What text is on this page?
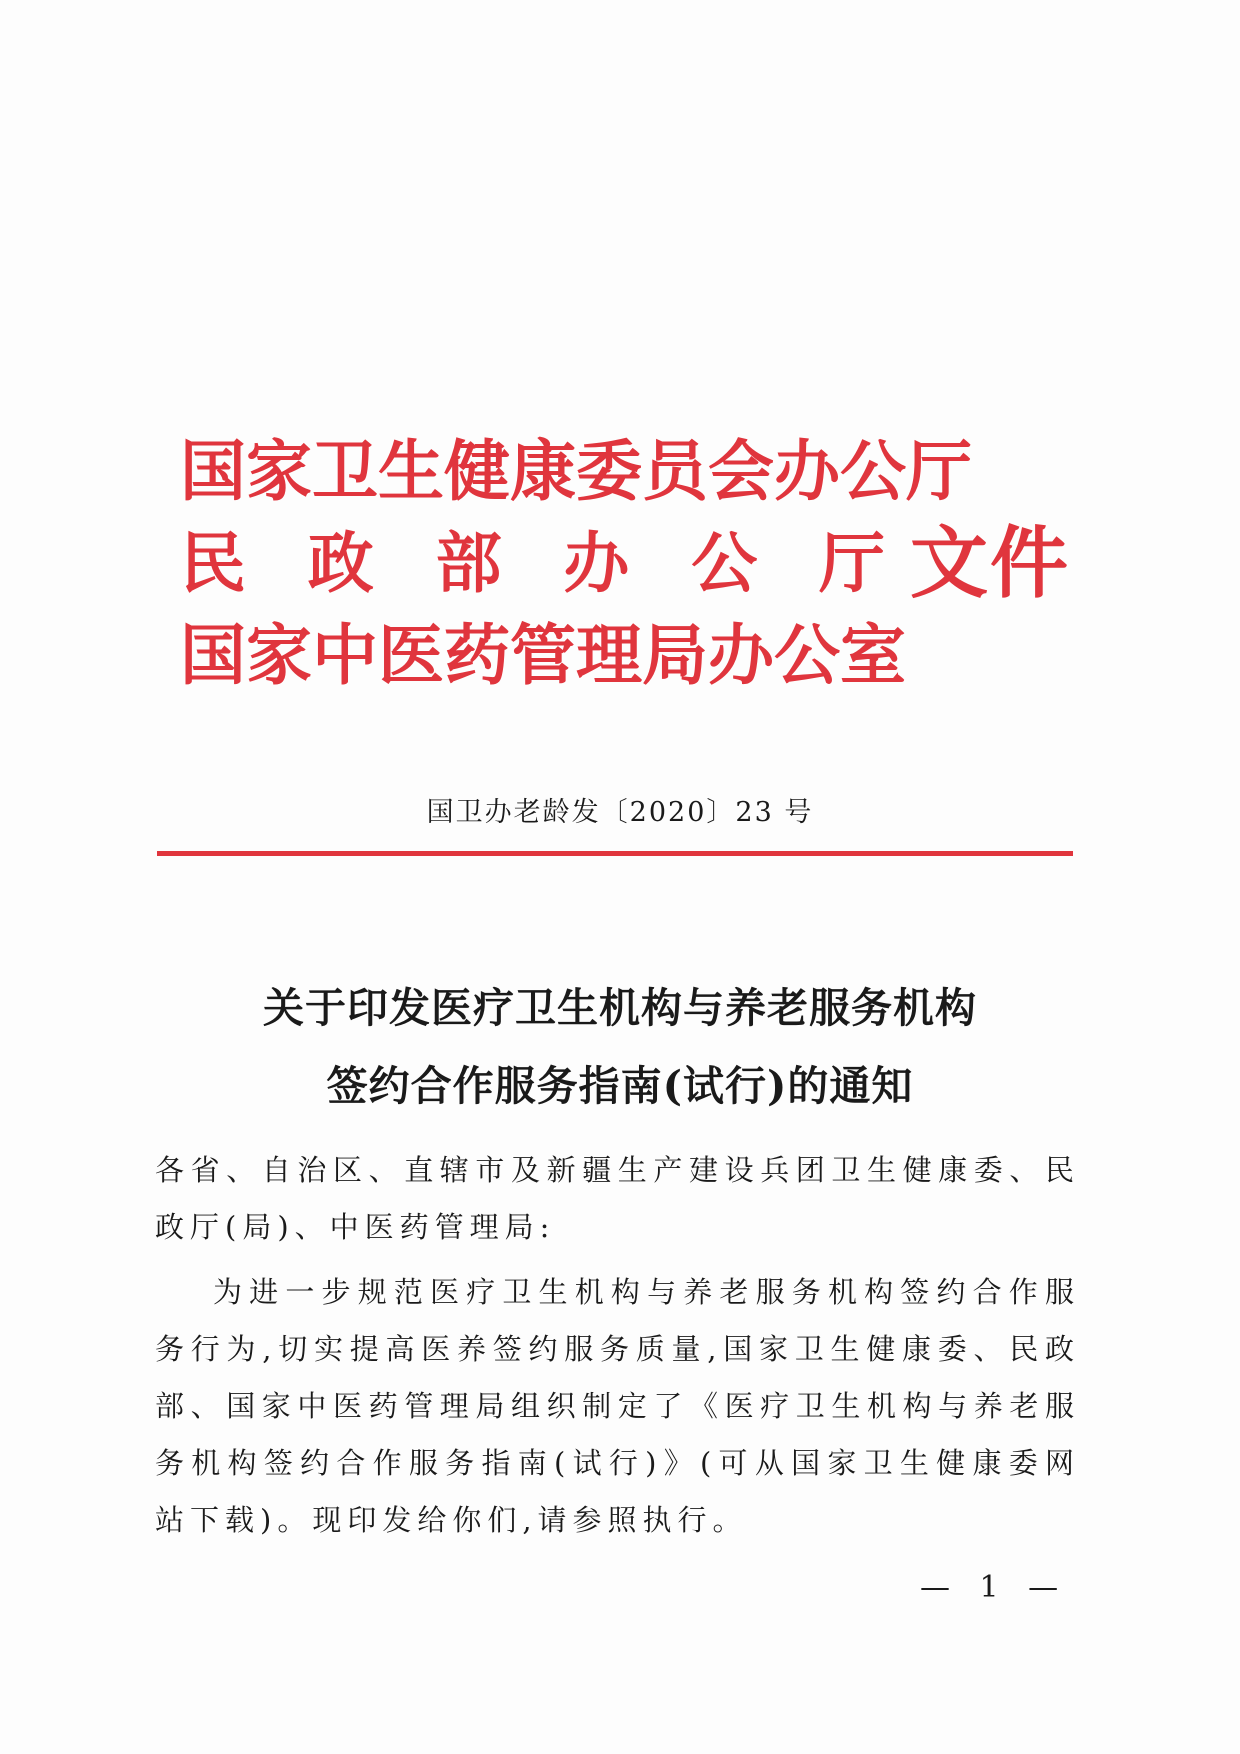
国 家 卫 生 健 康 委 员 会 办 公 厅
民 政 部 办 公 厅 文件
国 家 中 医 药 管 理 局 办 公 室
国卫办老龄发〔2020〕23 号
关于印发医疗卫生机构与养老服务机构
签约合作服务指南(试行)的通知
各省、自治区、直辖市及新疆生产建设兵团卫生健康委、民政厅(局)、中医药管理局:
为进一步规范医疗卫生机构与养老服务机构签约合作服务行为,切实提高医养签约服务质量,国家卫生健康委、民政部、国家中医药管理局组织制定了《医疗卫生机构与养老服务机构签约合作服务指南(试行)》(可从国家卫生健康委网站下载)。现印发给你们,请参照执行。
— 1 —
